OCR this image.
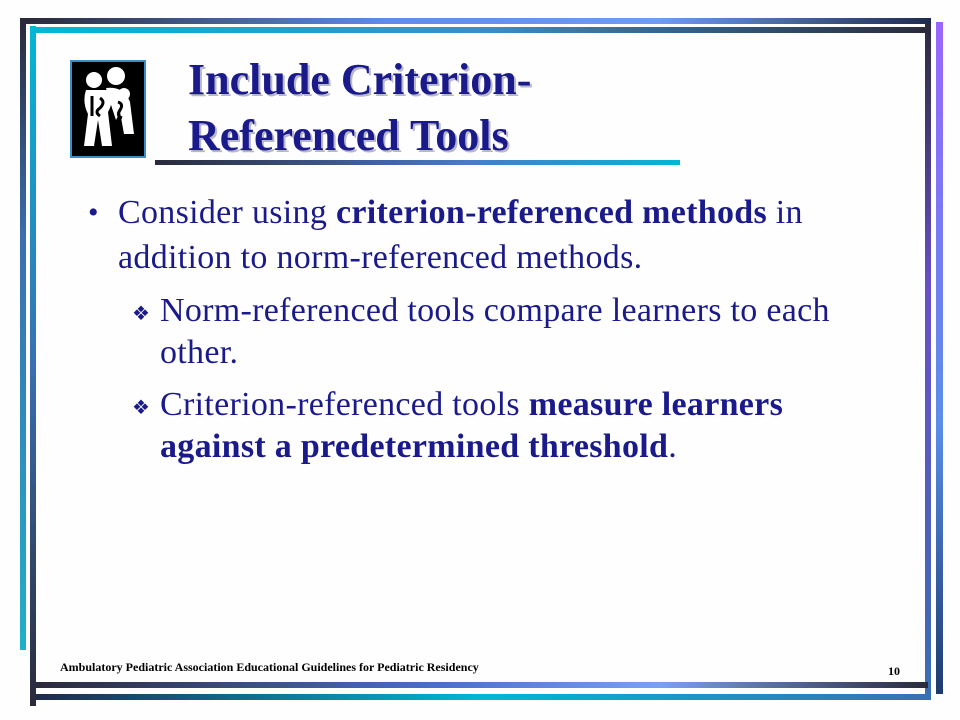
Include Criterion-
Referenced Tools

• Consider using criterion-referenced methods in addition to norm-referenced methods.

❖ Norm-referenced tools compare learners to each other.

❖ Criterion-referenced tools measure learners against a predetermined threshold.

Ambulatory Pediatric Association Educational Guidelines for Pediatric Residency	10
